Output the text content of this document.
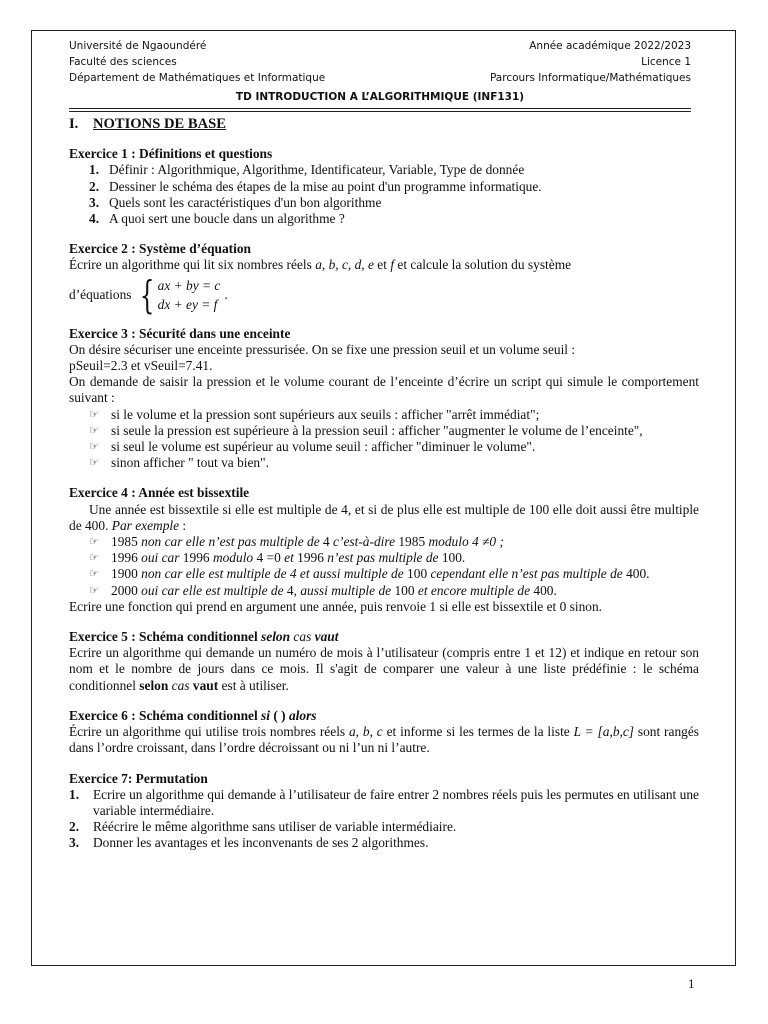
Université de Ngaoundéré	Année académique 2022/2023
Faculté des sciences	Licence 1
Département de Mathématiques et Informatique	Parcours Informatique/Mathématiques
TD INTRODUCTION A L’ALGORITHMIQUE (INF131)
I.	NOTIONS DE BASE
Exercice 1 : Définitions et questions
1. Définir : Algorithmique, Algorithme, Identificateur, Variable, Type de donnée
2. Dessiner le schéma des étapes de la mise au point d'un programme informatique.
3. Quels sont les caractéristiques d'un bon algorithme
4. A quoi sert une boucle dans un algorithme ?
Exercice 2 : Système d’équation
Écrire un algorithme qui lit six nombres réels a, b, c, d, e et f et calcule la solution du système
d’équations { ax + by = c
dx + ey = f
.
Exercice 3 : Sécurité dans une enceinte
On désire sécuriser une enceinte pressurisée. On se fixe une pression seuil et un volume seuil :
pSeuil=2.3 et vSeuil=7.41.
On demande de saisir la pression et le volume courant de l’enceinte d’écrire un script qui simule le comportement suivant :
☞ si le volume et la pression sont supérieurs aux seuils : afficher "arrêt immédiat";
☞ si seule la pression est supérieure à la pression seuil : afficher "augmenter le volume de l’enceinte",
☞ si seul le volume est supérieur au volume seuil : afficher "diminuer le volume".
☞ sinon afficher " tout va bien".
Exercice 4 : Année est bissextile
Une année est bissextile si elle est multiple de 4, et si de plus elle est multiple de 100 elle doit aussi être multiple de 400. Par exemple :
☞ 1985 non car elle n’est pas multiple de 4 c’est-à-dire 1985 modulo 4 ≠0 ;
☞ 1996 oui car 1996 modulo 4 =0 et 1996 n’est pas multiple de 100.
☞ 1900 non car elle est multiple de 4 et aussi multiple de 100 cependant elle n’est pas multiple de 400.
☞ 2000 oui car elle est multiple de 4, aussi multiple de 100 et encore multiple de 400.
Ecrire une fonction qui prend en argument une année, puis renvoie 1 si elle est bissextile et 0 sinon.
Exercice 5 : Schéma conditionnel selon cas vaut
Ecrire un algorithme qui demande un numéro de mois à l’utilisateur (compris entre 1 et 12) et indique en retour son nom et le nombre de jours dans ce mois. Il s'agit de comparer une valeur à une liste prédéfinie : le schéma conditionnel selon cas vaut est à utiliser.
Exercice 6 : Schéma conditionnel si ( ) alors
Écrire un algorithme qui utilise trois nombres réels a, b, c et informe si les termes de la liste L = [a,b,c] sont rangés dans l’ordre croissant, dans l’ordre décroissant ou ni l’un ni l’autre.
Exercice 7: Permutation
1.	Ecrire un algorithme qui demande à l’utilisateur de faire entrer 2 nombres réels puis les permutes en utilisant une variable intermédiaire.
2.	Réécrire le même algorithme sans utiliser de variable intermédiaire.
3.	Donner les avantages et les inconvenants de ses 2 algorithmes.
1
